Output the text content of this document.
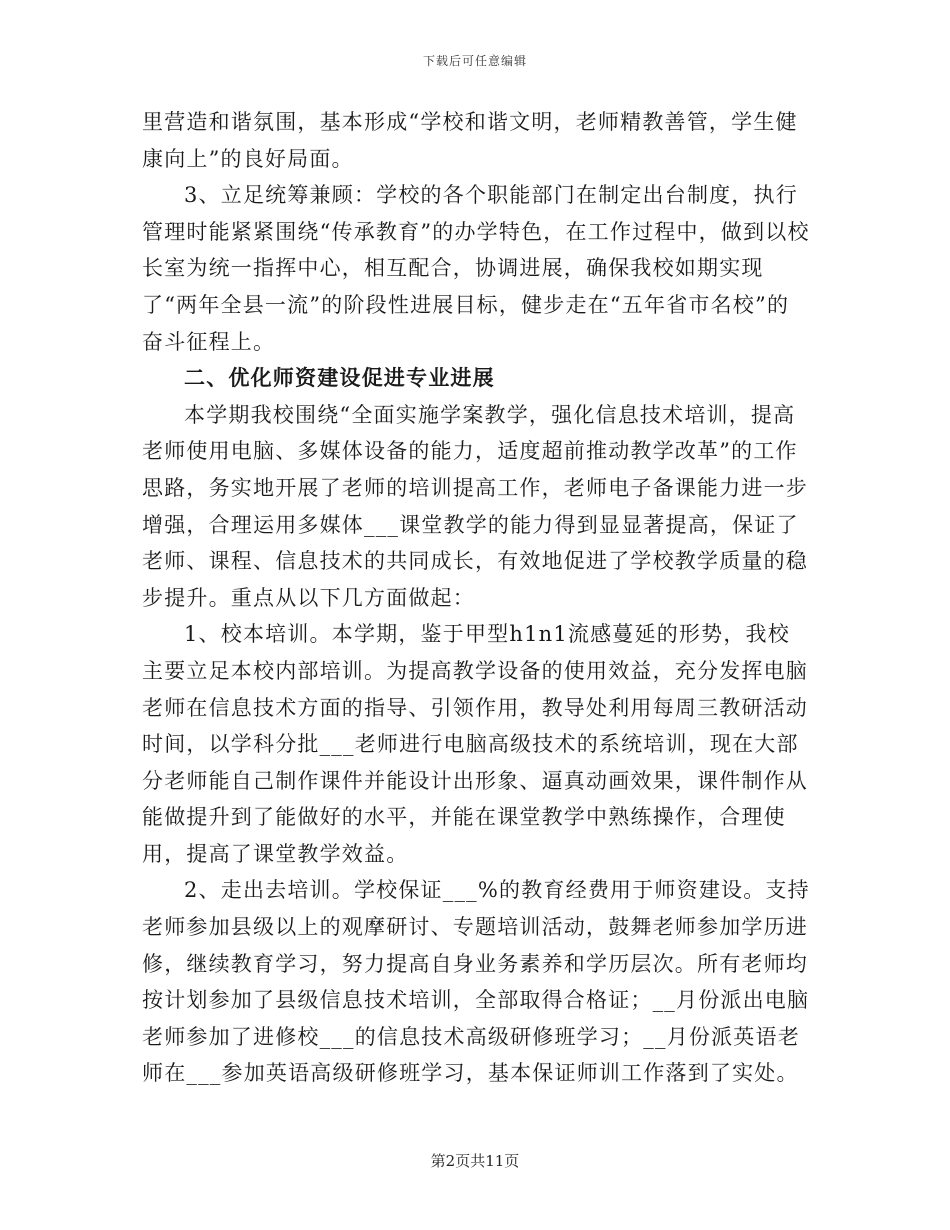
下载后可任意编辑

里营造和谐氛围，基本形成“学校和谐文明，老师精教善管，学生健康向上”的良好局面。

3、立足统筹兼顾：学校的各个职能部门在制定出台制度，执行管理时能紧紧围绕“传承教育”的办学特色，在工作过程中，做到以校长室为统一指挥中心，相互配合，协调进展，确保我校如期实现了“两年全县一流”的阶段性进展目标，健步走在“五年省市名校”的奋斗征程上。

二、优化师资建设促进专业进展

本学期我校围绕“全面实施学案教学，强化信息技术培训，提高老师使用电脑、多媒体设备的能力，适度超前推动教学改革”的工作思路，务实地开展了老师的培训提高工作，老师电子备课能力进一步增强，合理运用多媒体___课堂教学的能力得到显显著提高，保证了老师、课程、信息技术的共同成长，有效地促进了学校教学质量的稳步提升。重点从以下几方面做起：

1、校本培训。本学期，鉴于甲型h1n1流感蔓延的形势，我校主要立足本校内部培训。为提高教学设备的使用效益，充分发挥电脑老师在信息技术方面的指导、引领作用，教导处利用每周三教研活动时间，以学科分批___老师进行电脑高级技术的系统培训，现在大部分老师能自己制作课件并能设计出形象、逼真动画效果，课件制作从能做提升到了能做好的水平，并能在课堂教学中熟练操作，合理使用，提高了课堂教学效益。

2、走出去培训。学校保证___%的教育经费用于师资建设。支持老师参加县级以上的观摩研讨、专题培训活动，鼓舞老师参加学历进修，继续教育学习，努力提高自身业务素养和学历层次。所有老师均按计划参加了县级信息技术培训，全部取得合格证；__月份派出电脑老师参加了进修校___的信息技术高级研修班学习；__月份派英语老师在___参加英语高级研修班学习，基本保证师训工作落到了实处。

第2页共11页
